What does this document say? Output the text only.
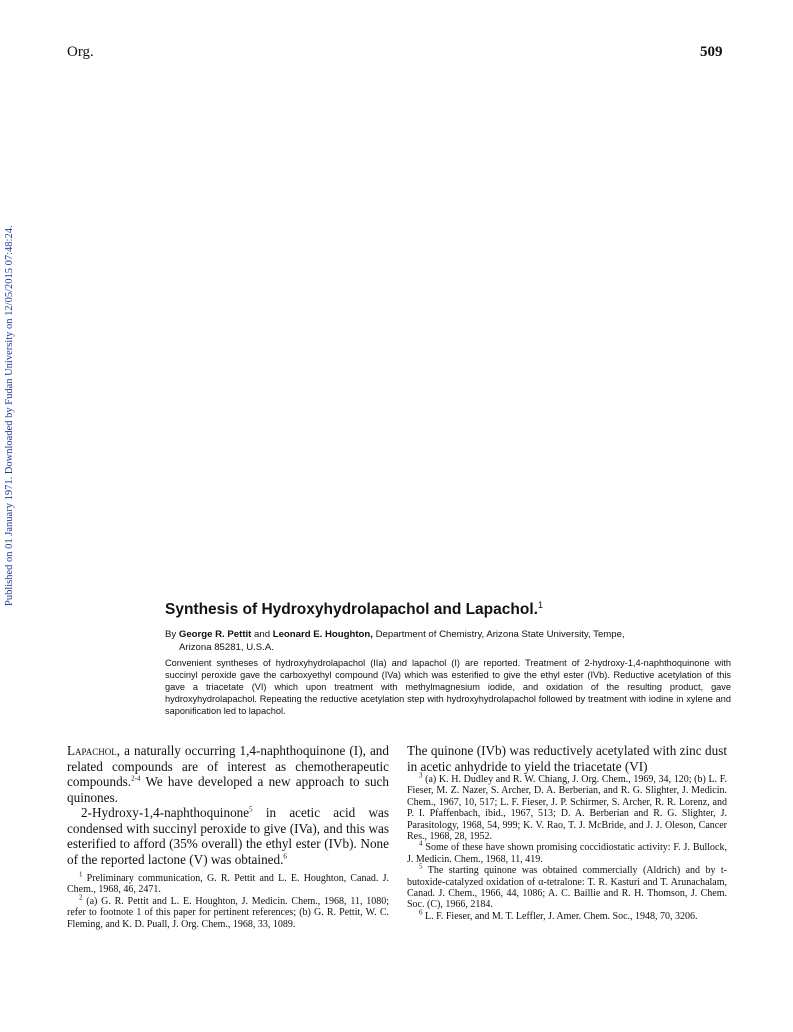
Org.	509
Published on 01 January 1971. Downloaded by Fudan University on 12/05/2015 07:48:24.
Synthesis of Hydroxyhydrolapachol and Lapachol.$^1$
By George R. Pettit and Leonard E. Houghton, Department of Chemistry, Arizona State University, Tempe,
Arizona 85281, U.S.A.
Convenient syntheses of hydroxyhydrolapachol (IIa) and lapachol (I) are reported. Treatment of 2-hydroxy-1,4-naphthoquinone with succinyl peroxide gave the carboxyethyl compound (IVa) which was esterified to give the ethyl ester (IVb). Reductive acetylation of this gave a triacetate (VI) which upon treatment with methylmagnesium iodide, and oxidation of the resulting product, gave hydroxyhydrolapachol. Repeating the reductive acetylation step with hydroxyhydrolapachol followed by treatment with iodine in xylene and saponification led to lapachol.

Lapachol, a naturally occurring 1,4-naphthoquinone (I), and related compounds are of interest as chemotherapeutic compounds.$^{2-4}$ We have developed a new approach to such quinones.

2-Hydroxy-1,4-naphthoquinone$^5$ in acetic acid was condensed with succinyl peroxide to give (IVa), and this was esterified to afford (35% overall) the ethyl ester (IVb). None of the reported lactone (V) was obtained.$^6$

$^1$ Preliminary communication, G. R. Pettit and L. E. Houghton, Canad. J. Chem., 1968, 46, 2471.
$^2$ (a) G. R. Pettit and L. E. Houghton, J. Medicin. Chem., 1968, 11, 1080; refer to footnote 1 of this paper for pertinent references; (b) G. R. Pettit, W. C. Fleming, and K. D. Puall, J. Org. Chem., 1968, 33, 1089.

The quinone (IVb) was reductively acetylated with zinc dust in acetic anhydride to yield the triacetate (VI)

$^3$ (a) K. H. Dudley and R. W. Chiang, J. Org. Chem., 1969, 34, 120; (b) L. F. Fieser, M. Z. Nazer, S. Archer, D. A. Berberian, and R. G. Slighter, J. Medicin. Chem., 1967, 10, 517; L. F. Fieser, J. P. Schirmer, S. Archer, R. R. Lorenz, and P. I. Pfaffenbach, ibid., 1967, 513; D. A. Berberian and R. G. Slighter, J. Parasitology, 1968, 54, 999; K. V. Rao, T. J. McBride, and J. J. Oleson, Cancer Res., 1968, 28, 1952.
$^4$ Some of these have shown promising coccidiostatic activity: F. J. Bullock, J. Medicin. Chem., 1968, 11, 419.
$^5$ The starting quinone was obtained commercially (Aldrich) and by t-butoxide-catalyzed oxidation of α-tetralone: T. R. Kasturi and T. Arunachalam, Canad. J. Chem., 1966, 44, 1086; A. C. Baillie and R. H. Thomson, J. Chem. Soc. (C), 1966, 2184.
$^6$ L. F. Fieser, and M. T. Leffler, J. Amer. Chem. Soc., 1948, 70, 3206.
